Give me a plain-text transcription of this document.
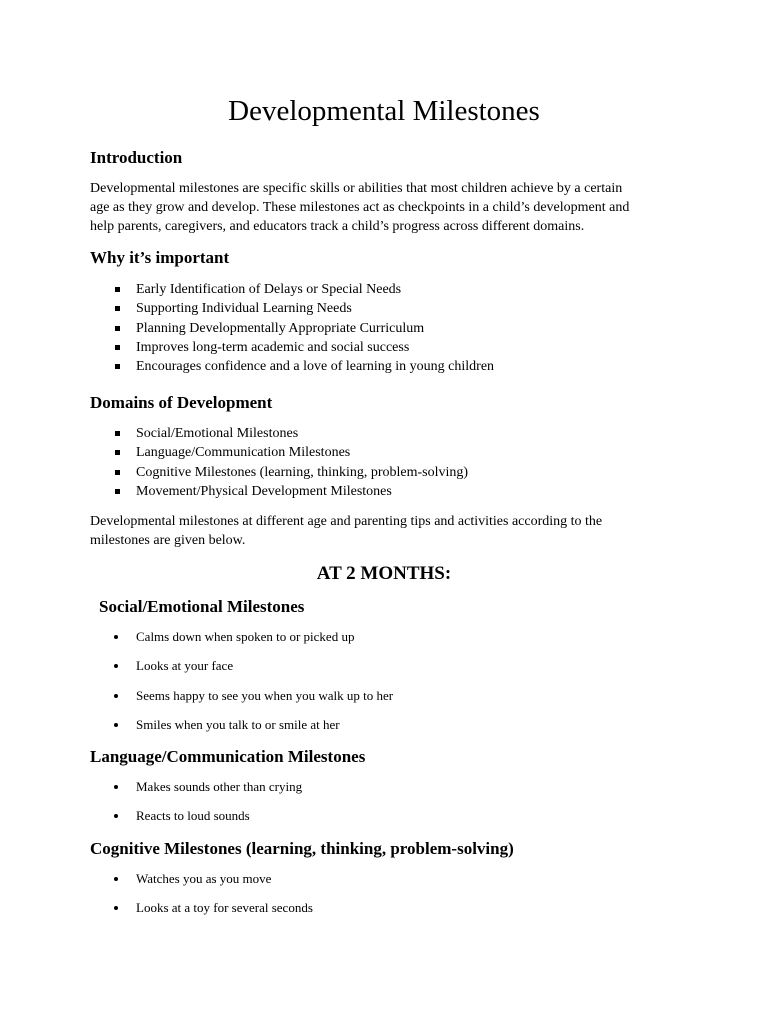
Developmental Milestones
Introduction

Developmental milestones are specific skills or abilities that most children achieve by a certain
age as they grow and develop. These milestones act as checkpoints in a child’s development and
help parents, caregivers, and educators track a child’s progress across different domains.

Why it’s important
Early Identification of Delays or Special Needs
Supporting Individual Learning Needs
Planning Developmentally Appropriate Curriculum
Improves long-term academic and social success
Encourages confidence and a love of learning in young children
Domains of Development
Social/Emotional Milestones
Language/Communication Milestones
Cognitive Milestones (learning, thinking, problem-solving)
Movement/Physical Development Milestones

Developmental milestones at different age and parenting tips and activities according to the
milestones are given below.

AT 2 MONTHS:
Social/Emotional Milestones
Calms down when spoken to or picked up
Looks at your face
Seems happy to see you when you walk up to her
Smiles when you talk to or smile at her
Language/Communication Milestones
Makes sounds other than crying
Reacts to loud sounds
Cognitive Milestones (learning, thinking, problem-solving)
Watches you as you move
Looks at a toy for several seconds
